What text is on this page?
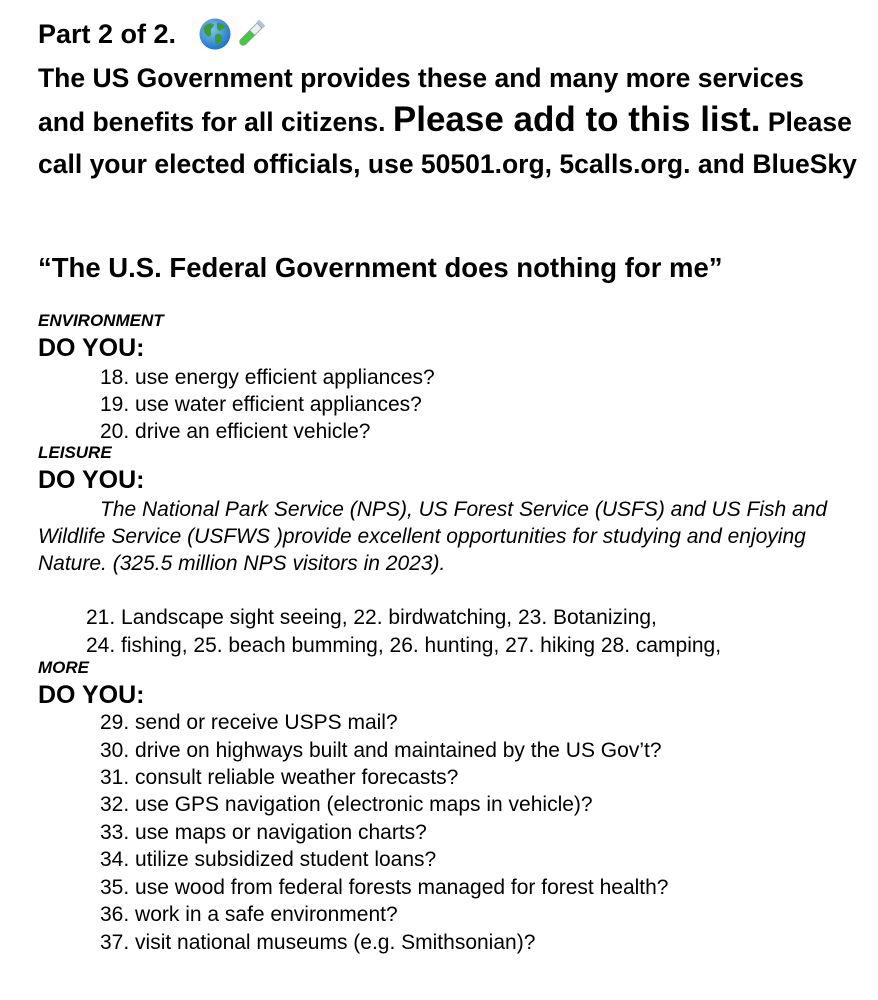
Part 2 of 2.
The US Government provides these and many more services and benefits for all citizens. Please add to this list. Please call your elected officials, use 50501.org, 5calls.org. and BlueSky
“The U.S. Federal Government does nothing for me”
ENVIRONMENT
DO YOU:
18. use energy efficient appliances?
19. use water efficient appliances?
20. drive an efficient vehicle?
LEISURE
DO YOU:
The National Park Service (NPS), US Forest Service (USFS) and US Fish and Wildlife Service (USFWS )provide excellent opportunities for studying and enjoying Nature. (325.5 million NPS visitors in 2023).
21. Landscape sight seeing, 22. birdwatching, 23. Botanizing,
24. fishing, 25. beach bumming, 26. hunting, 27. hiking 28. camping,
MORE
DO YOU:
29. send or receive USPS mail?
30. drive on highways built and maintained by the US Gov’t?
31. consult reliable weather forecasts?
32. use GPS navigation (electronic maps in vehicle)?
33. use maps or navigation charts?
34. utilize subsidized student loans?
35. use wood from federal forests managed for forest health?
36. work in a safe environment?
37. visit national museums (e.g. Smithsonian)?
